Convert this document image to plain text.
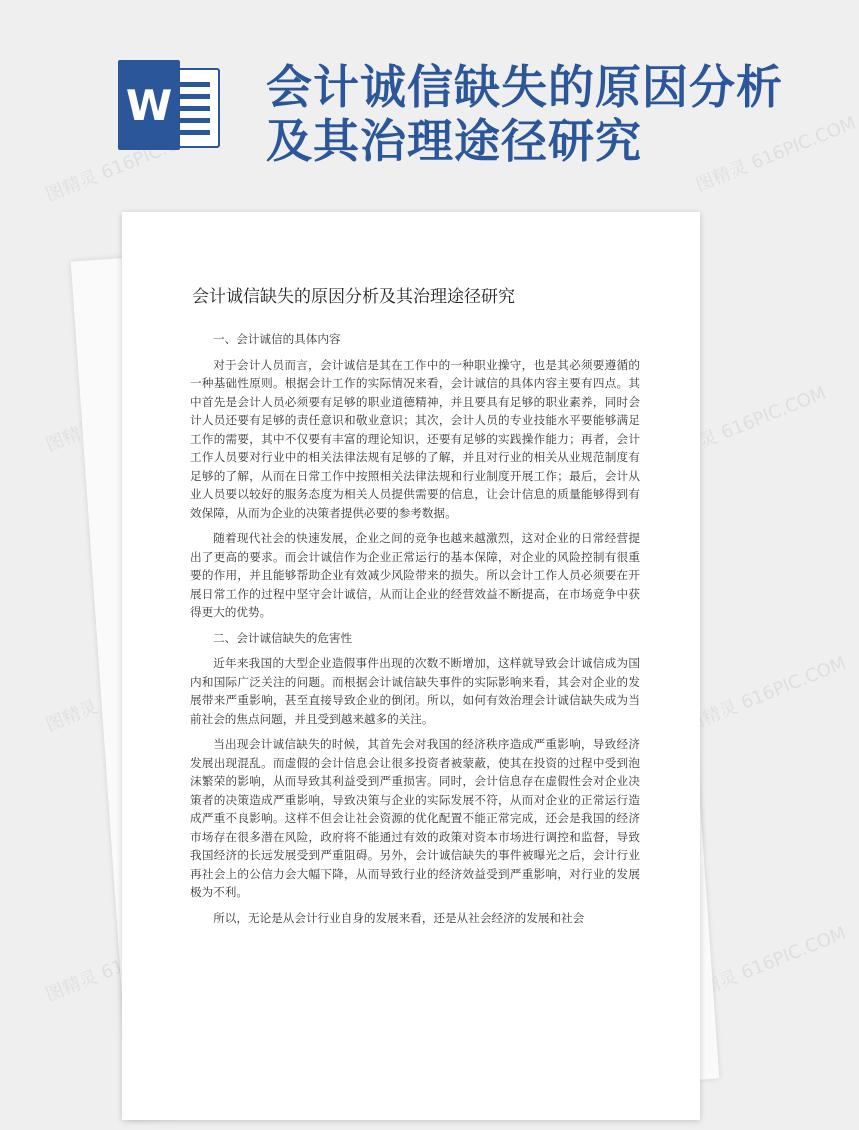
图精灵 616PIC.COM	图精灵 616PIC.COM
图精灵	图精灵 616PIC.COM
图精灵	图精灵 616PIC.COM
图精灵	图精灵 616PIC.COM
W 会计诚信缺失的原因分析及其治理途径研究
会计诚信缺失的原因分析及其治理途径研究
一、会计诚信的具体内容
对于会计人员而言，会计诚信是其在工作中的一种职业操守，也是其必须要遵循的一种基础性原则。根据会计工作的实际情况来看，会计诚信的具体内容主要有四点。其中首先是会计人员必须要有足够的职业道德精神，并且要具有足够的职业素养，同时会计人员还要有足够的责任意识和敬业意识；其次，会计人员的专业技能水平要能够满足工作的需要，其中不仅要有丰富的理论知识，还要有足够的实践操作能力；再者，会计工作人员要对行业中的相关法律法规有足够的了解，并且对行业的相关从业规范制度有足够的了解，从而在日常工作中按照相关法律法规和行业制度开展工作；最后，会计从业人员要以较好的服务态度为相关人员提供需要的信息，让会计信息的质量能够得到有效保障，从而为企业的决策者提供必要的参考数据。
随着现代社会的快速发展，企业之间的竞争也越来越激烈，这对企业的日常经营提出了更高的要求。而会计诚信作为企业正常运行的基本保障，对企业的风险控制有很重要的作用，并且能够帮助企业有效减少风险带来的损失。所以会计工作人员必须要在开展日常工作的过程中坚守会计诚信，从而让企业的经营效益不断提高，在市场竞争中获得更大的优势。
二、会计诚信缺失的危害性
近年来我国的大型企业造假事件出现的次数不断增加，这样就导致会计诚信成为国内和国际广泛关注的问题。而根据会计诚信缺失事件的实际影响来看，其会对企业的发展带来严重影响，甚至直接导致企业的倒闭。所以，如何有效治理会计诚信缺失成为当前社会的焦点问题，并且受到越来越多的关注。
当出现会计诚信缺失的时候，其首先会对我国的经济秩序造成严重影响，导致经济发展出现混乱。而虚假的会计信息会让很多投资者被蒙蔽，使其在投资的过程中受到泡沫繁荣的影响，从而导致其利益受到严重损害。同时，会计信息存在虚假性会对企业决策者的决策造成严重影响，导致决策与企业的实际发展不符，从而对企业的正常运行造成严重不良影响。这样不但会让社会资源的优化配置不能正常完成，还会是我国的经济市场存在很多潜在风险，政府将不能通过有效的政策对资本市场进行调控和监督，导致我国经济的长远发展受到严重阻碍。另外，会计诚信缺失的事件被曝光之后，会计行业再社会上的公信力会大幅下降，从而导致行业的经济效益受到严重影响，对行业的发展极为不利。
所以，无论是从会计行业自身的发展来看，还是从社会经济的发展和社会
